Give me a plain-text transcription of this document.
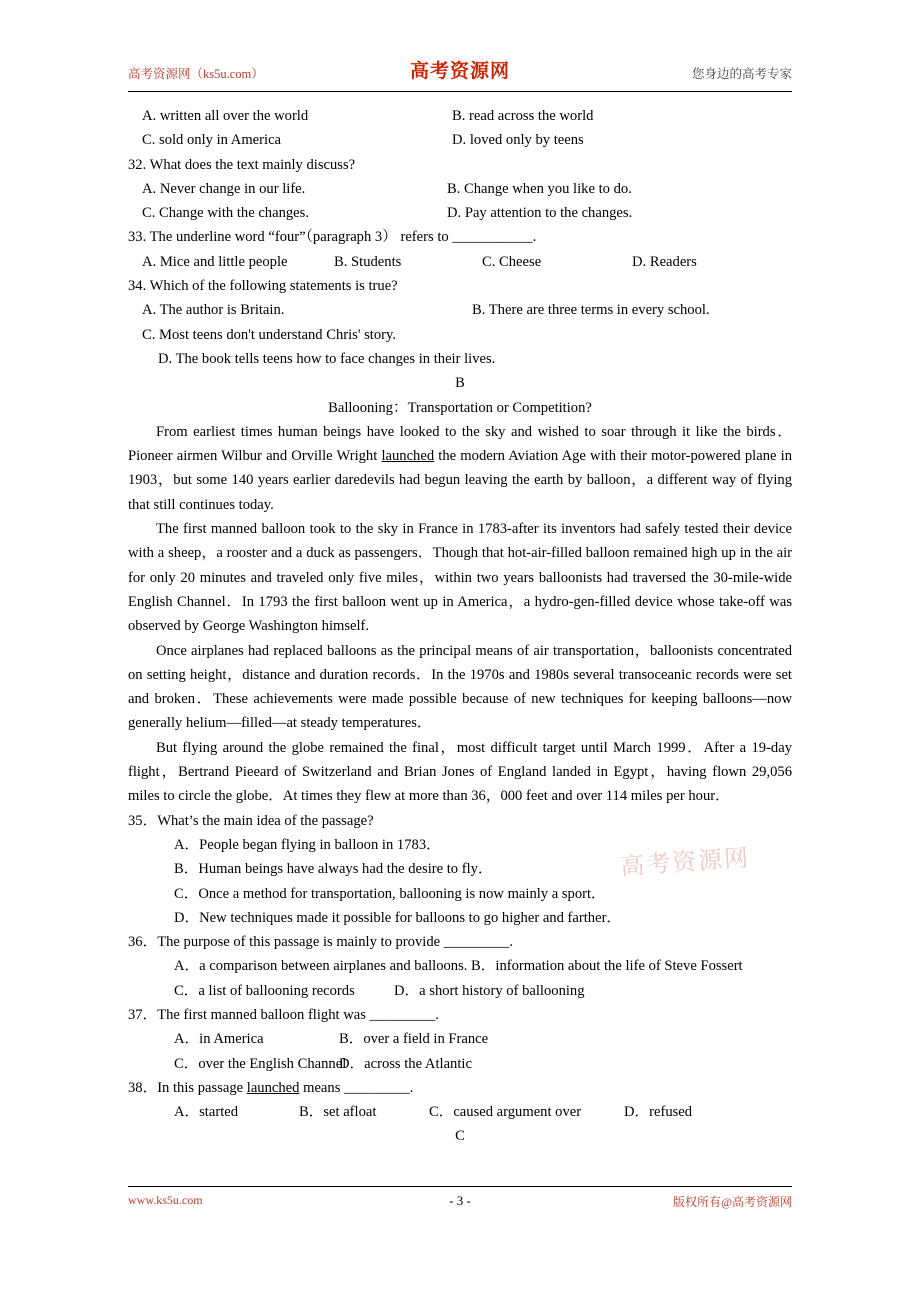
高考资源网（ks5u.com）	高考资源网	您身边的高考专家
A. written all over the world	B. read across the world
C. sold only in America	D. loved only by teens
32. What does the text mainly discuss?
A. Never change in our life.	B. Change when you like to do.
C. Change with the changes.	D. Pay attention to the changes.
33. The underline word “four”（paragraph 3） refers to ___________.
A. Mice and little people	B. Students	C. Cheese	D. Readers
34. Which of the following statements is true?
A. The author is Britain.	B. There are three terms in every school.
C. Most teens don't understand Chris' story.
D. The book tells teens how to face changes in their lives.
B
Ballooning：Transportation or Competition?

From earliest times human beings have looked to the sky and wished to soar through it like the birds．Pioneer airmen Wilbur and Orville Wright launched the modern Aviation Age with their motor-powered plane in 1903，but some 140 years earlier daredevils had begun leaving the earth by balloon，a different way of flying that still continues today.

The first manned balloon took to the sky in France in 1783-after its inventors had safely tested their device with a sheep，a rooster and a duck as passengers．Though that hot-air-filled balloon remained high up in the air for only 20 minutes and traveled only five miles，within two years balloonists had traversed the 30-mile-wide English Channel．In 1793 the first balloon went up in America，a hydro-gen-filled device whose take-off was observed by George Washington himself.

Once airplanes had replaced balloons as the principal means of air transportation，balloonists concentrated on setting height，distance and duration records．In the 1970s and 1980s several transoceanic records were set and broken．These achievements were made possible because of new techniques for keeping balloons—now generally helium—filled—at steady temperatures．

But flying around the globe remained the final，most difficult target until March 1999．After a 19-day flight，Bertrand Pieeard of Switzerland and Brian Jones of England landed in Egypt，having flown 29,056 miles to circle the globe．At times they flew at more than 36，000 feet and over 114 miles per hour．

35．What’s the main idea of the passage?
A．People began flying in balloon in 1783．
B．Human beings have always had the desire to fly．
C．Once a method for transportation, ballooning is now mainly a sport．
D．New techniques made it possible for balloons to go higher and farther．
36．The purpose of this passage is mainly to provide _________.
A．a comparison between airplanes and balloons. B．information about the life of Steve Fossert
C．a list of ballooning records	D．a short history of ballooning
37．The first manned balloon flight was _________.
A．in America	B．over a field in France
C．over the English ChannelD．across the Atlantic
38．In this passage launched means _________.
A．started	B．set afloat	C．caused argument over	D．refused
C
高考资源网
www.ks5u.com	- 3 -	版权所有@高考资源网
